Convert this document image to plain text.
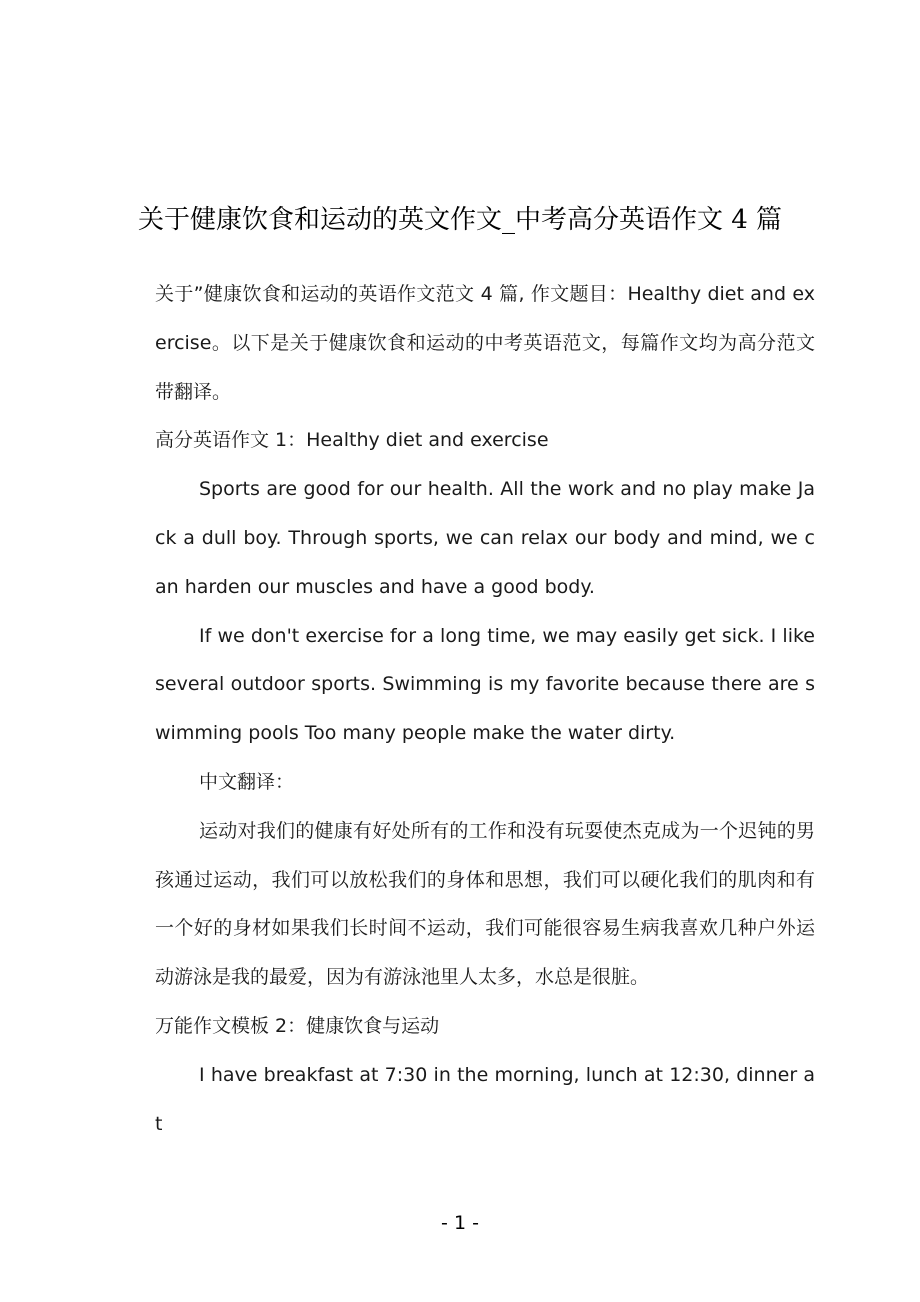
关于健康饮食和运动的英文作文_中考高分英语作文 4 篇

关于”健康饮食和运动的英语作文范文 4 篇, 作文题目：Healthy diet and exercise。以下是关于健康饮食和运动的中考英语范文，每篇作文均为高分范文带翻译。

高分英语作文 1：Healthy diet and exercise

Sports are good for our health. All the work and no play make Jack a dull boy. Through sports, we can relax our body and mind, we can harden our muscles and have a good body.

If we don't exercise for a long time, we may easily get sick. I like several outdoor sports. Swimming is my favorite because there are swimming pools Too many people make the water dirty.

中文翻译：

运动对我们的健康有好处所有的工作和没有玩耍使杰克成为一个迟钝的男孩通过运动，我们可以放松我们的身体和思想，我们可以硬化我们的肌肉和有一个好的身材如果我们长时间不运动，我们可能很容易生病我喜欢几种户外运动游泳是我的最爱，因为有游泳池里人太多，水总是很脏。

万能作文模板 2：健康饮食与运动

I have breakfast at 7:30 in the morning, lunch at 12:30, dinner at

- 1 -
